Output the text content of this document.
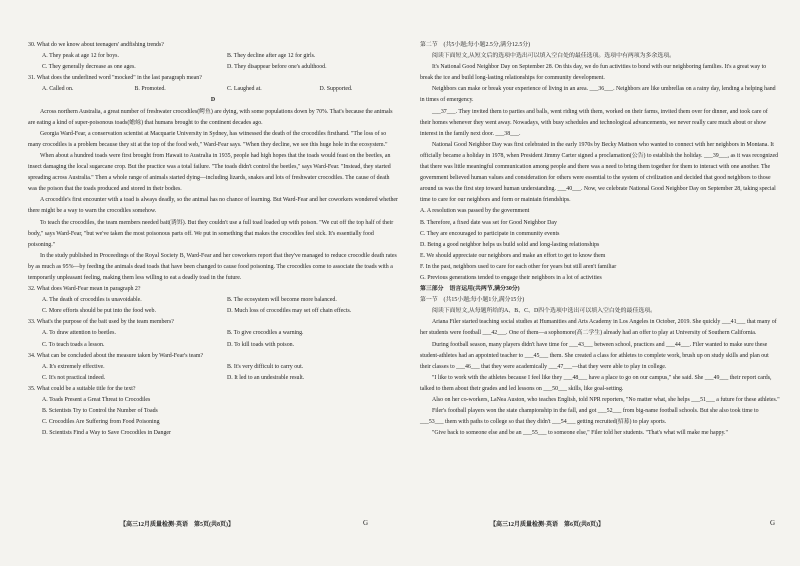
30. What do we know about teenagers' andfishing trends?

A. They peak at age 12 for boys.	B. They decline after age 12 for girls.
C. They generally decrease as one ages.	D. They disappear before one's adulthood.

31. What does the underlined word "mocked" in the last paragraph mean?

A. Called on.	B. Promoted.	C. Laughed at.	D. Supported.

D

Across northern Australia, a great number of freshwater crocodiles(鳄鱼) are dying, with some populations down by 70%. That's because the animals are eating a kind of super-poisonous toads(蟾蜍) that humans brought to the continent decades ago.

Georgia Ward-Fear, a conservation scientist at Macquarie University in Sydney, has witnessed the death of the crocodiles firsthand. "The loss of so many crocodiles is a problem because they sit at the top of the food web," Ward-Fear says. "When they decline, we see this huge hole in the ecosystem."

When about a hundred toads were first brought from Hawaii to Australia in 1935, people had high hopes that the toads would feast on the beetles, an insect damaging the local sugarcane crop. But the practice was a total failure. "The toads didn't control the beetles," says Ward-Fear. "Instead, they started spreading across Australia." Then a whole range of animals started dying—including lizards, snakes and lots of freshwater crocodiles. The cause of death was the poison that the toads produced and stored in their bodies.

A crocodile's first encounter with a toad is always deadly, so the animal has no chance of learning. But Ward-Fear and her coworkers wondered whether there might be a way to warn the crocodiles somehow.

To teach the crocodiles, the team members needed bait(诱饵). But they couldn't use a full toad loaded up with poison. "We cut off the top half of their body," says Ward-Fear, "but we've taken the most poisonous parts off. We put in something that makes the crocodiles feel sick. It's essentially food poisoning."

In the study published in Proceedings of the Royal Society B, Ward-Fear and her coworkers report that they've managed to reduce crocodile death rates by as much as 95%—by feeding the animals dead toads that have been changed to cause food poisoning. The crocodiles come to associate the toads with a temporarily unpleasant feeling, making them less willing to eat a deadly toad in the future.

32. What does Ward-Fear mean in paragraph 2?

A. The death of crocodiles is unavoidable.	B. The ecosystem will become more balanced.
C. More efforts should be put into the food web.	D. Much loss of crocodiles may set off chain effects.

33. What's the purpose of the bait used by the team members?

A. To draw attention to beetles.	B. To give crocodiles a warning.
C. To teach toads a lesson.	D. To kill toads with poison.

34. What can be concluded about the measure taken by Ward-Fear's team?

A. It's extremely effective.	B. It's very difficult to carry out.
C. It's not practical indeed.	D. It led to an undesirable result.

35. What could be a suitable title for the text?

A. Toads Present a Great Threat to Crocodiles

B. Scientists Try to Control the Number of Toads

C. Crocodiles Are Suffering from Food Poisoning

D. Scientists Find a Way to Save Crocodiles in Danger

第二节　(共5小题;每小题2.5分,满分12.5分)

阅读下面短文,从短文后的选项中选出可以填入空白处的最佳选项。选项中有两项为多余选项。

It's National Good Neighbor Day on September 28. On this day, we do fun activities to bond with our neighboring families. It's a great way to break the ice and build long-lasting relationships for community development.

Neighbors can make or break your experience of living in an area. ___36___. Neighbors are like umbrellas on a rainy day, lending a helping hand in times of emergency.

___37___. They invited them to parties and balls, went riding with them, worked on their farms, invited them over for dinner, and took care of their homes whenever they went away. Nowadays, with busy schedules and technological advancements, we never really care much about or show interest in the family next door. ___38___.

National Good Neighbor Day was first celebrated in the early 1970s by Becky Mattson who wanted to connect with her neighbors in Montana. It officially became a holiday in 1978, when President Jimmy Carter signed a proclamation(公告) to establish the holiday. ___39___, as it was recognized that there was little meaningful communication among people and there was a need to bring them together for them to interact with one another. The government believed human values and consideration for others were essential to the system of civilization and decided that good neighbors to those around us was the first step toward human understanding. ___40___. Now, we celebrate National Good Neighbor Day on September 28, taking special time to care for our neighbors and form or maintain friendships.

A. A resolution was passed by the government

B. Therefore, a fixed date was set for Good Neighbor Day

C. They are encouraged to participate in community events

D. Being a good neighbor helps us build solid and long-lasting relationships

E. We should appreciate our neighbors and make an effort to get to know them

F. In the past, neighbors used to care for each other for years but still aren't familiar

G. Previous generations tended to engage their neighbors in a lot of activities

第三部分　语言运用(共两节,满分30分)

第一节　(共15小题;每小题1分,满分15分)

阅读下面短文,从每题所给的A、B、C、D四个选项中选出可以填入空白处的最佳选项。

Ariana Filer started teaching social studies at Humanities and Arts Academy in Los Angeles in October, 2019. She quickly ___41___ that many of her students were football ___42___. One of them—a sophomore(高二学生) already had an offer to play at University of Southern California.

During football season, many players didn't have time for ___43___ between school, practices and ___44___. Filer wanted to make sure these student-athletes had an appointed teacher to ___45___ them. She created a class for athletes to complete work, brush up on study skills and plan out their classes to ___46___ that they were academically ___47___—that they were able to play in college.

"I like to work with the athletes because I feel like they ___48___ have a place to go on our campus," she said. She ___49___ their report cards, talked to them about their grades and led lessons on ___50___ skills, like goal-setting.

Also on her co-workers, LaNea Auston, who teaches English, told NPR reporters, "No matter what, she helps ___51___ a future for these athletes."

Filer's football players won the state championship in the fall, and got ___52___ from big-name football schools. But she also took time to ___53___ them with paths to college so that they didn't ___54___ getting recruited(招募) to play sports.

"Give back to someone else and be an ___55___ to someone else," Filer told her students. "That's what will make me happy."

【高三12月质量检测·英语　第5页(共8页)】	G	【高三12月质量检测·英语　第6页(共8页)】	G
